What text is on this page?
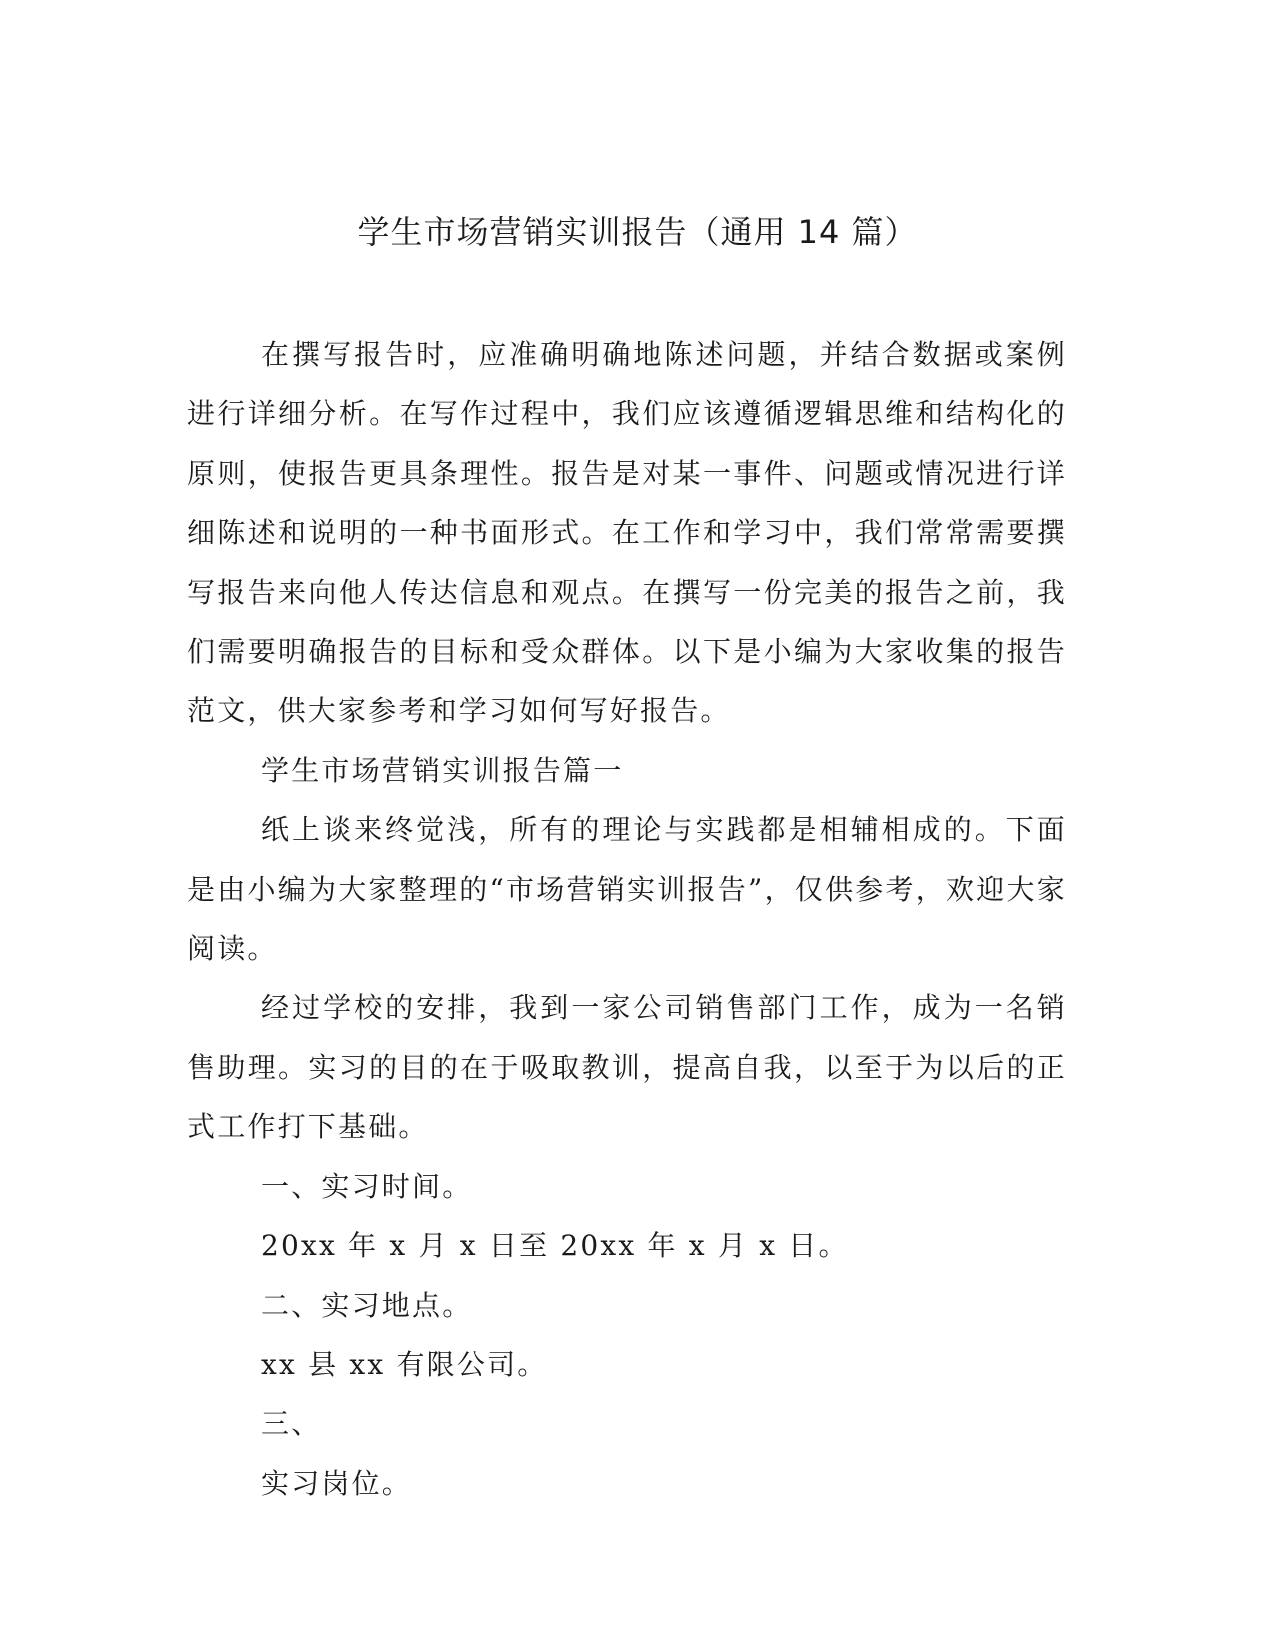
学生市场营销实训报告（通用 14 篇）

在撰写报告时，应准确明确地陈述问题，并结合数据或案例进行详细分析。在写作过程中，我们应该遵循逻辑思维和结构化的原则，使报告更具条理性。报告是对某一事件、问题或情况进行详细陈述和说明的一种书面形式。在工作和学习中，我们常常需要撰写报告来向他人传达信息和观点。在撰写一份完美的报告之前，我们需要明确报告的目标和受众群体。以下是小编为大家收集的报告范文，供大家参考和学习如何写好报告。

学生市场营销实训报告篇一

纸上谈来终觉浅，所有的理论与实践都是相辅相成的。下面是由小编为大家整理的“市场营销实训报告”，仅供参考，欢迎大家阅读。

经过学校的安排，我到一家公司销售部门工作，成为一名销售助理。实习的目的在于吸取教训，提高自我，以至于为以后的正式工作打下基础。

一、实习时间。

20xx 年 x 月 x 日至 20xx 年 x 月 x 日。

二、实习地点。

xx 县 xx 有限公司。

三、

实习岗位。
